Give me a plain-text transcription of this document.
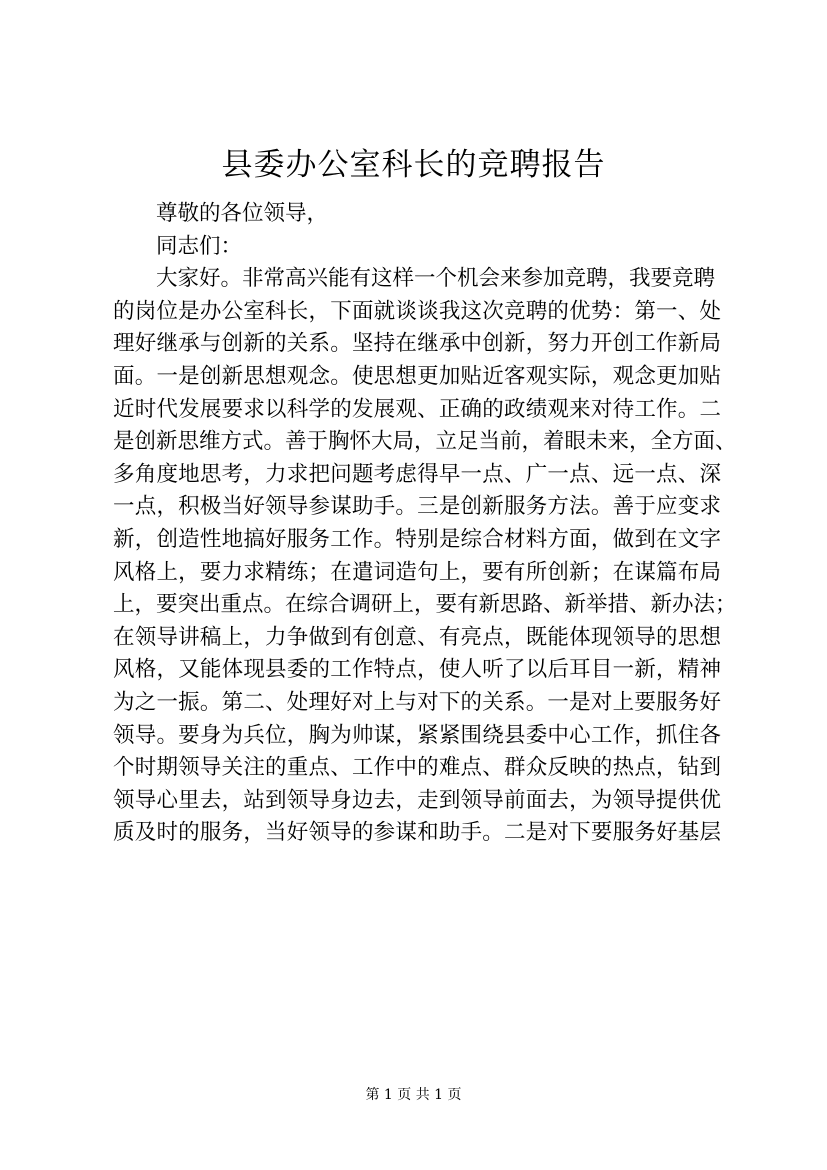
县委办公室科长的竞聘报告
尊敬的各位领导，
同志们：
大家好。非常高兴能有这样一个机会来参加竞聘，我要竞聘
的岗位是办公室科长，下面就谈谈我这次竞聘的优势：第一、处
理好继承与创新的关系。坚持在继承中创新，努力开创工作新局
面。一是创新思想观念。使思想更加贴近客观实际，观念更加贴
近时代发展要求以科学的发展观、正确的政绩观来对待工作。二
是创新思维方式。善于胸怀大局，立足当前，着眼未来，全方面、
多角度地思考，力求把问题考虑得早一点、广一点、远一点、深
一点，积极当好领导参谋助手。三是创新服务方法。善于应变求
新，创造性地搞好服务工作。特别是综合材料方面，做到在文字
风格上，要力求精练；在遣词造句上，要有所创新；在谋篇布局
上，要突出重点。在综合调研上，要有新思路、新举措、新办法；
在领导讲稿上，力争做到有创意、有亮点，既能体现领导的思想
风格，又能体现县委的工作特点，使人听了以后耳目一新，精神
为之一振。第二、处理好对上与对下的关系。一是对上要服务好
领导。要身为兵位，胸为帅谋，紧紧围绕县委中心工作，抓住各
个时期领导关注的重点、工作中的难点、群众反映的热点，钻到
领导心里去，站到领导身边去，走到领导前面去，为领导提供优
质及时的服务，当好领导的参谋和助手。二是对下要服务好基层
第 1 页 共 1 页
